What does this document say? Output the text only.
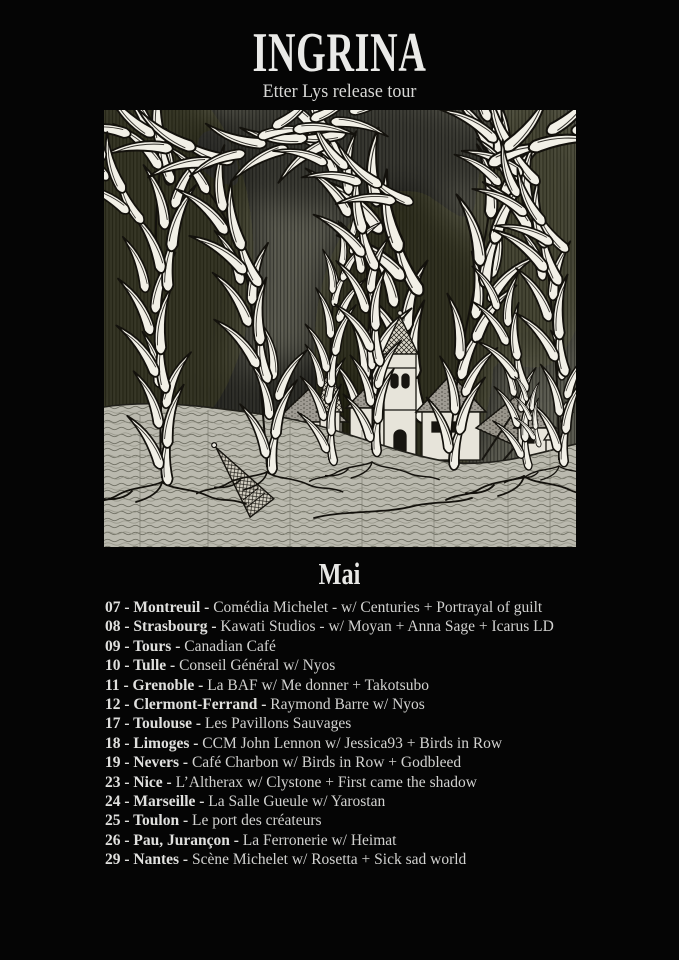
INGRINA
Etter Lys release tour
Mai
07 - Montreuil - Comédia Michelet - w/ Centuries + Portrayal of guilt
08 - Strasbourg - Kawati Studios - w/ Moyan + Anna Sage + Icarus LD
09 - Tours - Canadian Café
10 - Tulle - Conseil Général w/ Nyos
11 - Grenoble - La BAF w/ Me donner + Takotsubo
12 - Clermont-Ferrand - Raymond Barre w/ Nyos
17 - Toulouse - Les Pavillons Sauvages
18 - Limoges - CCM John Lennon w/ Jessica93 + Birds in Row
19 - Nevers - Café Charbon w/ Birds in Row + Godbleed
23 - Nice - L’Altherax w/ Clystone + First came the shadow
24 - Marseille - La Salle Gueule w/ Yarostan
25 - Toulon - Le port des créateurs
26 - Pau, Jurançon - La Ferronerie w/ Heimat
29 - Nantes - Scène Michelet w/ Rosetta + Sick sad world
